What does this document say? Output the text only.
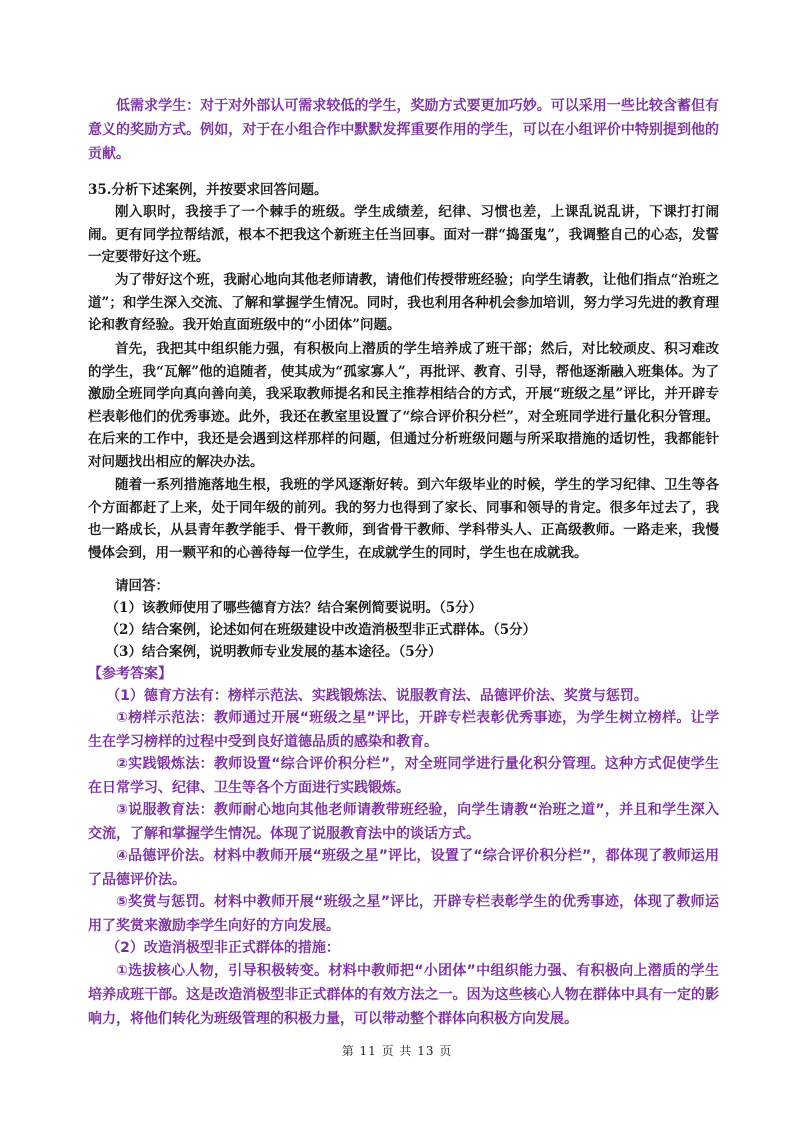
低需求学生：对于对外部认可需求较低的学生，奖励方式要更加巧妙。可以采用一些比较含蓄但有意义的奖励方式。例如，对于在小组合作中默默发挥重要作用的学生，可以在小组评价中特别提到他的贡献。

35.分析下述案例，并按要求回答问题。

刚入职时，我接手了一个棘手的班级。学生成绩差，纪律、习惯也差，上课乱说乱讲，下课打打闹闹。更有同学拉帮结派，根本不把我这个新班主任当回事。面对一群“捣蛋鬼”，我调整自己的心态，发誓一定要带好这个班。

为了带好这个班，我耐心地向其他老师请教，请他们传授带班经验；向学生请教，让他们指点“治班之道”；和学生深入交流、了解和掌握学生情况。同时，我也利用各种机会参加培训，努力学习先进的教育理论和教育经验。我开始直面班级中的“小团体”问题。

首先，我把其中组织能力强，有积极向上潜质的学生培养成了班干部；然后，对比较顽皮、积习难改的学生，我“瓦解”他的追随者，使其成为“孤家寡人”，再批评、教育、引导，帮他逐渐融入班集体。为了激励全班同学向真向善向美，我采取教师提名和民主推荐相结合的方式，开展“班级之星”评比，并开辟专栏表彰他们的优秀事迹。此外，我还在教室里设置了“综合评价积分栏”，对全班同学进行量化积分管理。在后来的工作中，我还是会遇到这样那样的问题，但通过分析班级问题与所采取措施的适切性，我都能针对问题找出相应的解决办法。

随着一系列措施落地生根，我班的学风逐渐好转。到六年级毕业的时候，学生的学习纪律、卫生等各个方面都赶了上来，处于同年级的前列。我的努力也得到了家长、同事和领导的肯定。很多年过去了，我也一路成长，从县青年教学能手、骨干教师，到省骨干教师、学科带头人、正高级教师。一路走来，我慢慢体会到，用一颗平和的心善待每一位学生，在成就学生的同时，学生也在成就我。

请回答：

（1）该教师使用了哪些德育方法？结合案例简要说明。（5分）

（2）结合案例，论述如何在班级建设中改造消极型非正式群体。（5分）

（3）结合案例，说明教师专业发展的基本途径。（5分）

【参考答案】

（1）德育方法有：榜样示范法、实践锻炼法、说服教育法、品德评价法、奖赏与惩罚。

①榜样示范法：教师通过开展“班级之星”评比，开辟专栏表彰优秀事迹，为学生树立榜样。让学生在学习榜样的过程中受到良好道德品质的感染和教育。

②实践锻炼法：教师设置“综合评价积分栏”，对全班同学进行量化积分管理。这种方式促使学生在日常学习、纪律、卫生等各个方面进行实践锻炼。

③说服教育法：教师耐心地向其他老师请教带班经验，向学生请教“治班之道”，并且和学生深入交流，了解和掌握学生情况。体现了说服教育法中的谈话方式。

④品德评价法。材料中教师开展“班级之星”评比，设置了“综合评价积分栏”，都体现了教师运用了品德评价法。

⑤奖赏与惩罚。材料中教师开展“班级之星”评比，开辟专栏表彰学生的优秀事迹，体现了教师运用了奖赏来激励李学生向好的方向发展。

（2）改造消极型非正式群体的措施：

①选拔核心人物，引导积极转变。材料中教师把“小团体”中组织能力强、有积极向上潜质的学生培养成班干部。这是改造消极型非正式群体的有效方法之一。因为这些核心人物在群体中具有一定的影响力，将他们转化为班级管理的积极力量，可以带动整个群体向积极方向发展。

第 11 页 共 13 页
